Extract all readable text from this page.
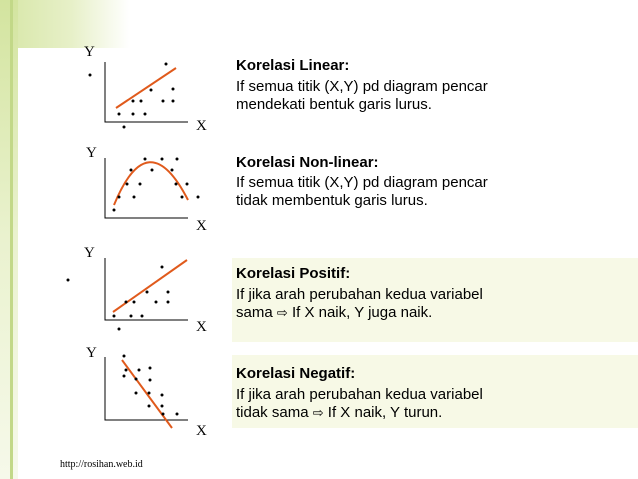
Y
X
Y
X
Y
X
Y
X
Korelasi Linear:
If semua titik (X,Y) pd diagram pencar
mendekati bentuk garis lurus.
Korelasi Non-linear:
If semua titik (X,Y) pd diagram pencar
tidak membentuk garis lurus.
Korelasi Positif:
If jika arah perubahan kedua variabel
sama ⇨ If X naik, Y juga naik.
Korelasi Negatif:
If jika arah perubahan kedua variabel
tidak sama ⇨ If X naik, Y turun.
http://rosihan.web.id
